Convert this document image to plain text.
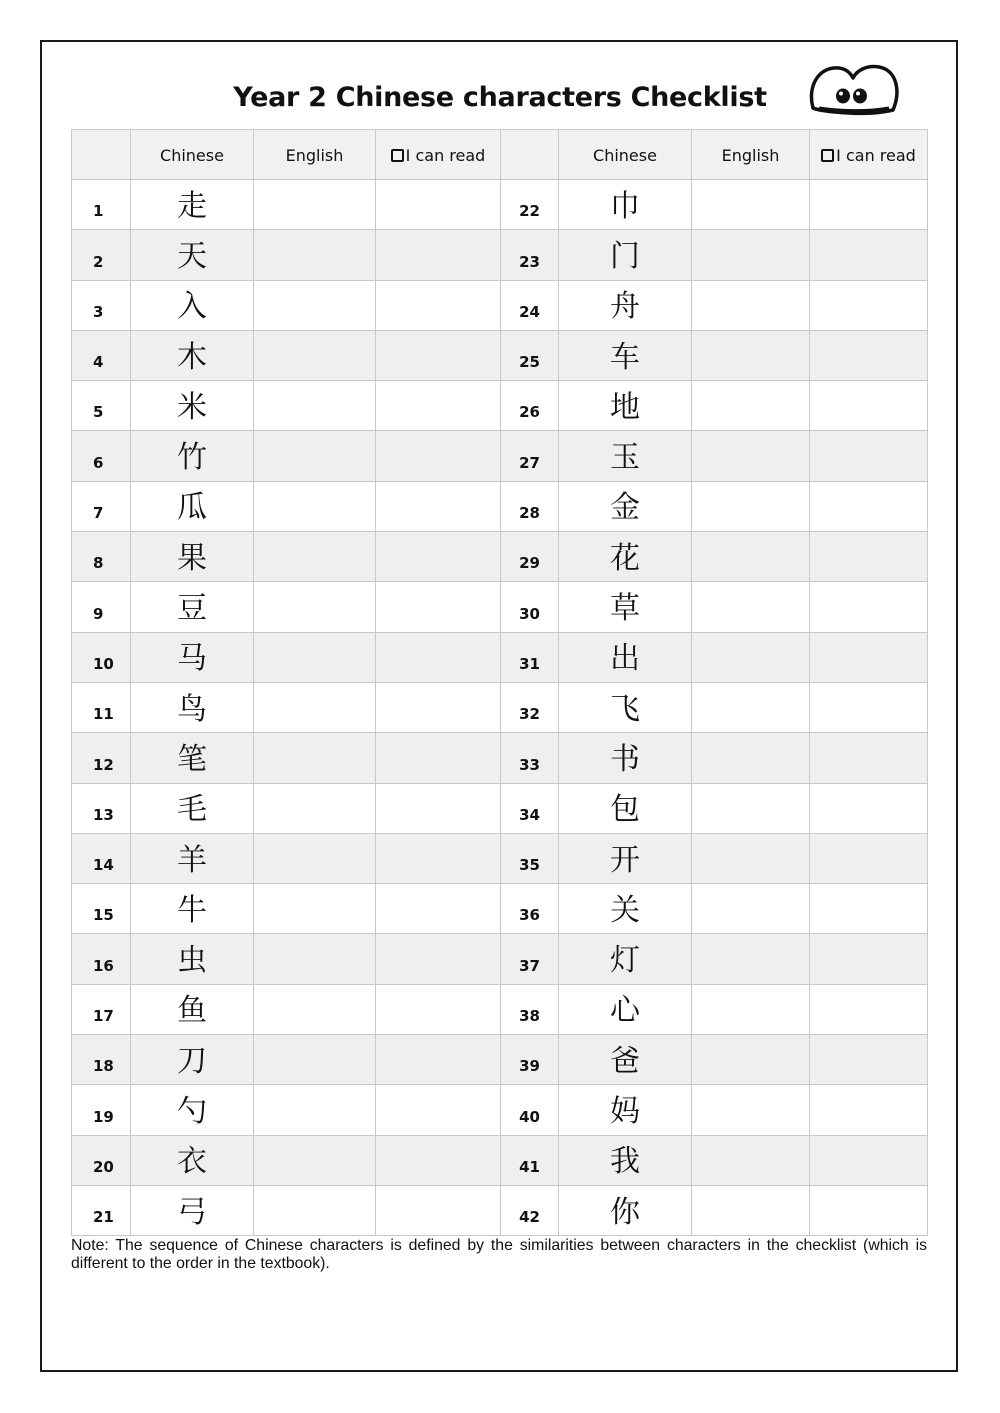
Year 2 Chinese characters Checklist
	Chinese	English	I can read		Chinese	English	I can read
1	走			22	巾		
2	天			23	门		
3	入			24	舟		
4	木			25	车		
5	米			26	地		
6	竹			27	玉		
7	瓜			28	金		
8	果			29	花		
9	豆			30	草		
10	马			31	出		
11	鸟			32	飞		
12	笔			33	书		
13	毛			34	包		
14	羊			35	开		
15	牛			36	关		
16	虫			37	灯		
17	鱼			38	心		
18	刀			39	爸		
19	勺			40	妈		
20	衣			41	我		
21	弓			42	你		
Note: The sequence of Chinese characters is defined by the similarities between characters in the checklist (which is different to the order in the textbook).
